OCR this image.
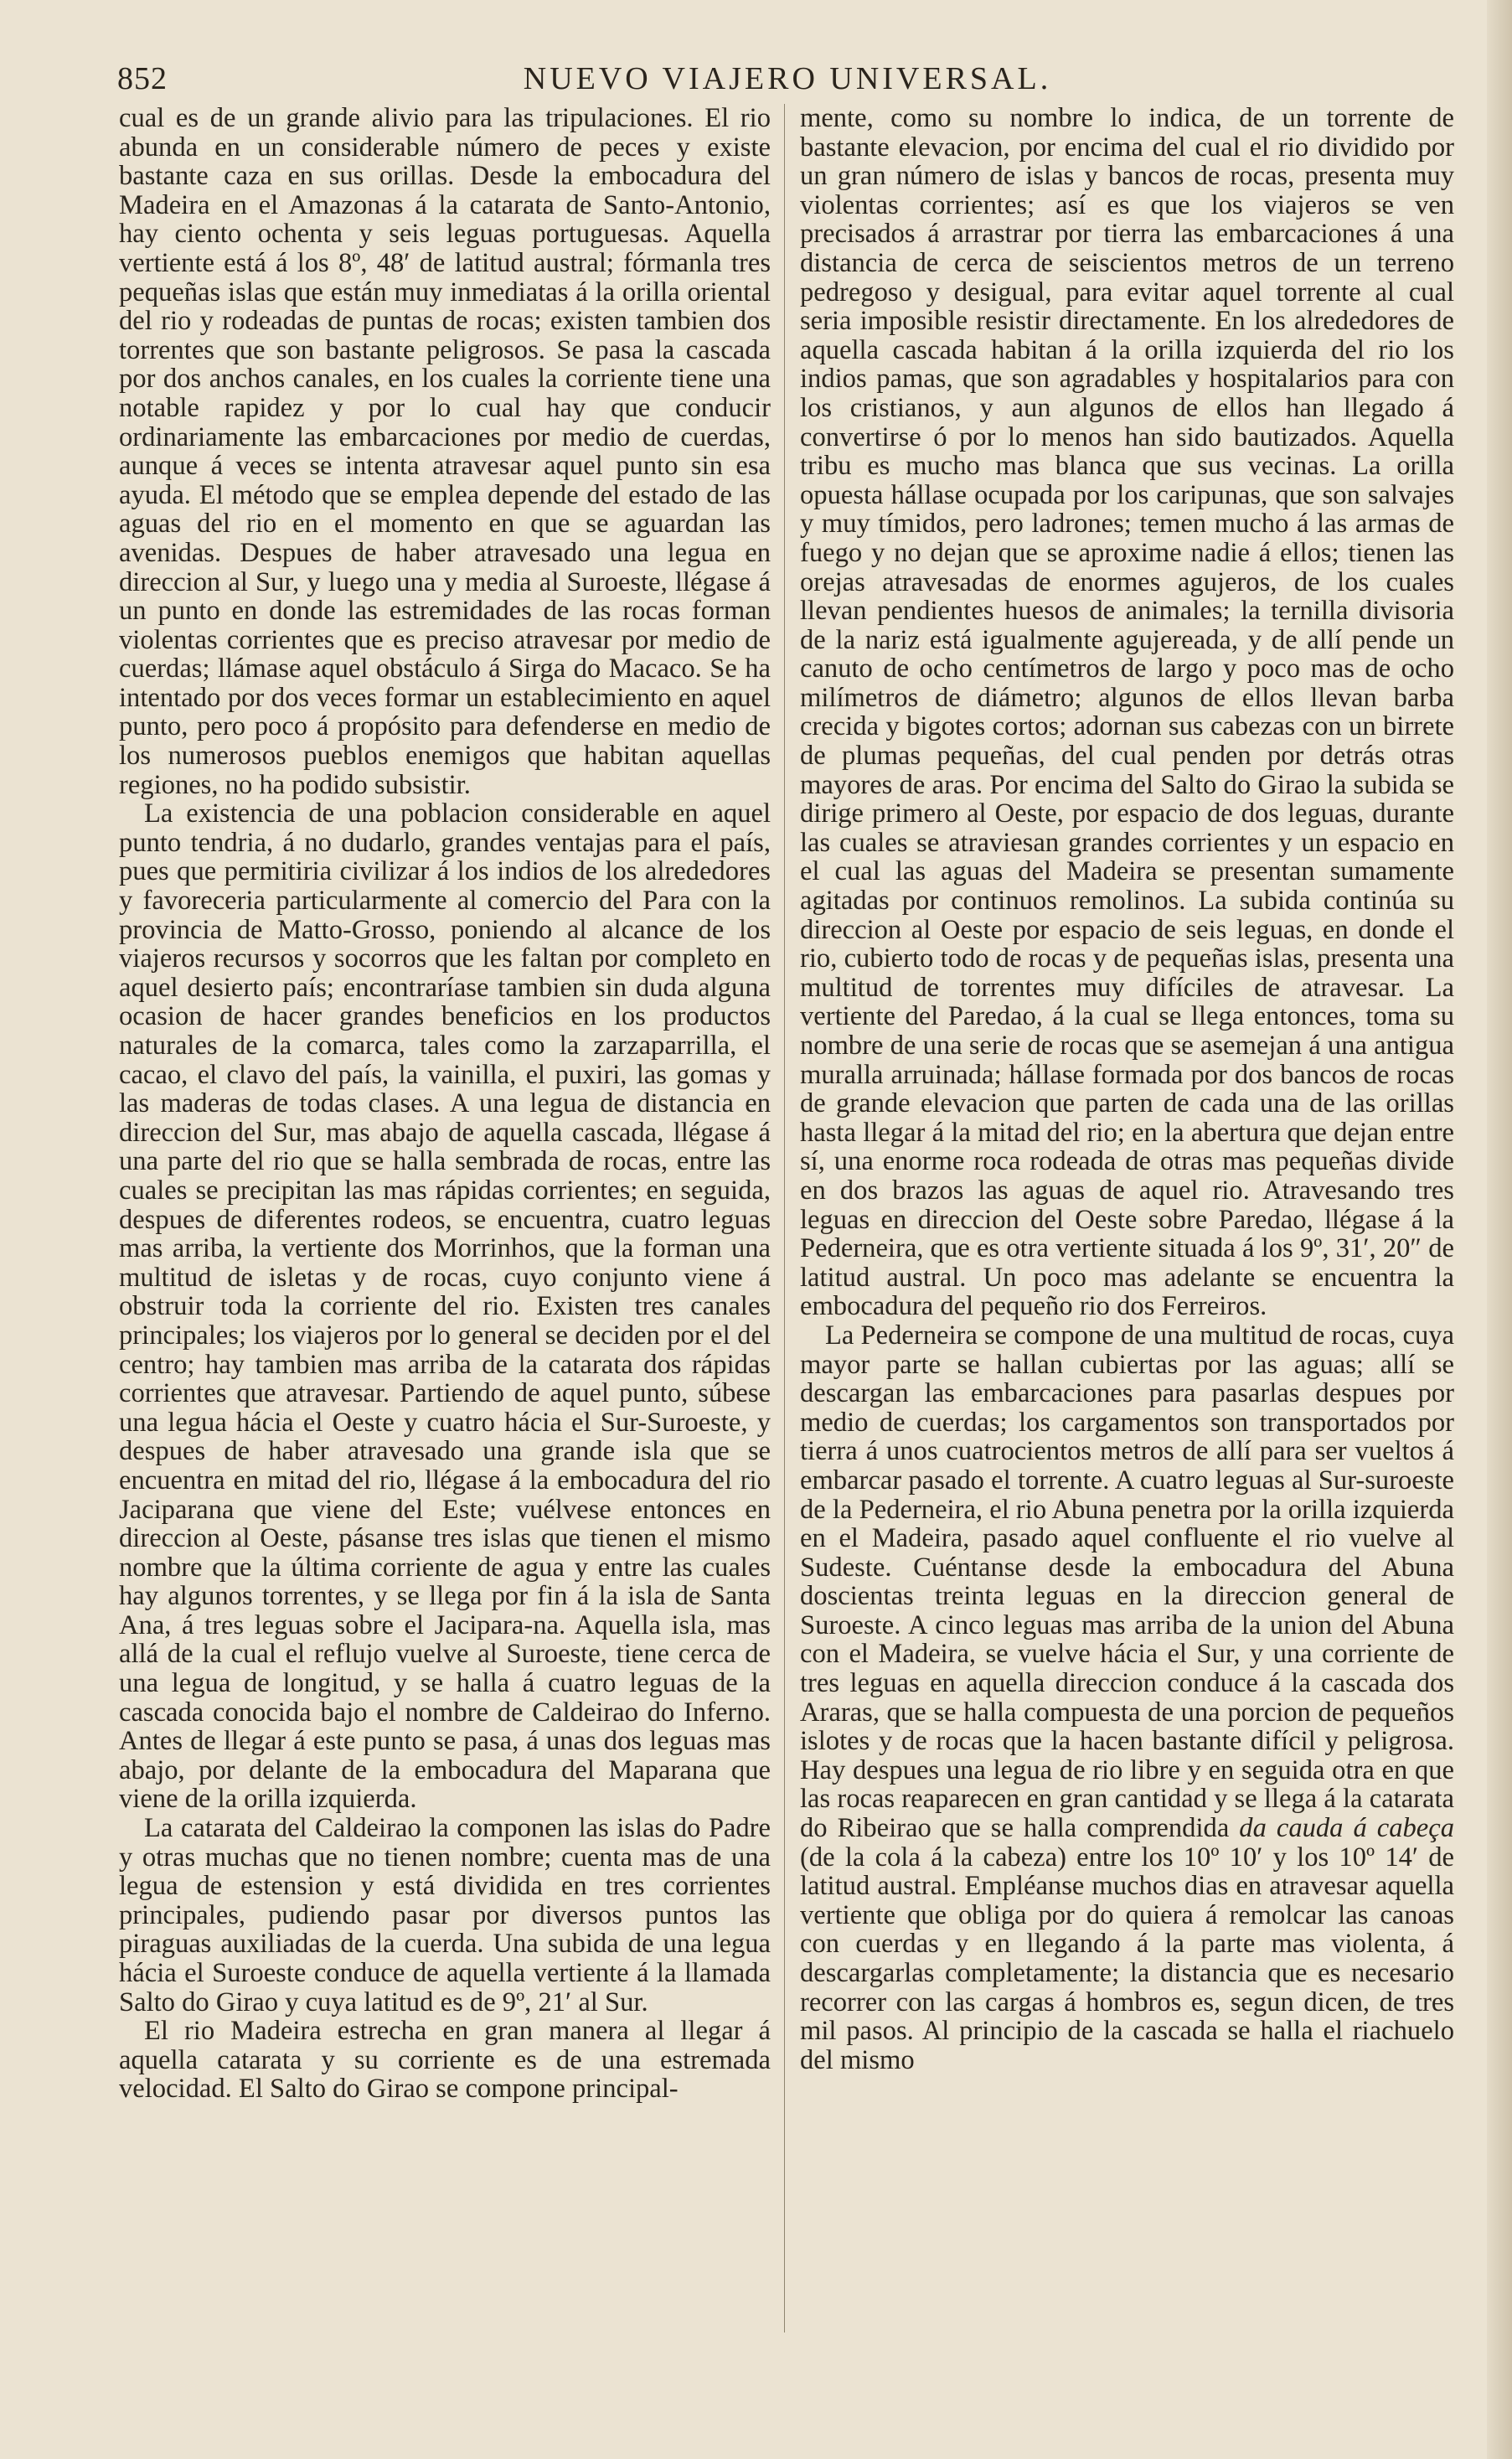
852	NUEVO VIAJERO UNIVERSAL.

cual es de un grande alivio para las tripulaciones. El rio abunda en un considerable número de peces y existe bastante caza en sus orillas. Desde la embocadura del Madeira en el Amazonas á la catarata de Santo-Antonio, hay ciento ochenta y seis leguas portuguesas. Aquella vertiente está á los 8º, 48′ de latitud austral; fórmanla tres pequeñas islas que están muy inmediatas á la orilla oriental del rio y rodeadas de puntas de rocas; existen tambien dos torrentes que son bastante peligrosos. Se pasa la cascada por dos anchos canales, en los cuales la corriente tiene una notable rapidez y por lo cual hay que conducir ordinariamente las embarcaciones por medio de cuerdas, aunque á veces se intenta atravesar aquel punto sin esa ayuda. El método que se emplea depende del estado de las aguas del rio en el momento en que se aguardan las avenidas. Despues de haber atravesado una legua en direccion al Sur, y luego una y media al Suroeste, llégase á un punto en donde las estremidades de las rocas forman violentas corrientes que es preciso atravesar por medio de cuerdas; llámase aquel obstáculo á Sirga do Macaco. Se ha intentado por dos veces formar un establecimiento en aquel punto, pero poco á propósito para defenderse en medio de los numerosos pueblos enemigos que habitan aquellas regiones, no ha podido subsistir.

La existencia de una poblacion considerable en aquel punto tendria, á no dudarlo, grandes ventajas para el país, pues que permitiria civilizar á los indios de los alrededores y favoreceria particularmente al comercio del Para con la provincia de Matto-Grosso, poniendo al alcance de los viajeros recursos y socorros que les faltan por completo en aquel desierto país; encontraríase tambien sin duda alguna ocasion de hacer grandes beneficios en los productos naturales de la comarca, tales como la zarzaparrilla, el cacao, el clavo del país, la vainilla, el puxiri, las gomas y las maderas de todas clases. A una legua de distancia en direccion del Sur, mas abajo de aquella cascada, llégase á una parte del rio que se halla sembrada de rocas, entre las cuales se precipitan las mas rápidas corrientes; en seguida, despues de diferentes rodeos, se encuentra, cuatro leguas mas arriba, la vertiente dos Morrinhos, que la forman una multitud de isletas y de rocas, cuyo conjunto viene á obstruir toda la corriente del rio. Existen tres canales principales; los viajeros por lo general se deciden por el del centro; hay tambien mas arriba de la catarata dos rápidas corrientes que atravesar. Partiendo de aquel punto, súbese una legua hácia el Oeste y cuatro hácia el Sur-Suroeste, y despues de haber atravesado una grande isla que se encuentra en mitad del rio, llégase á la embocadura del rio Jaciparana que viene del Este; vuélvese entonces en direccion al Oeste, pásanse tres islas que tienen el mismo nombre que la última corriente de agua y entre las cuales hay algunos torrentes, y se llega por fin á la isla de Santa Ana, á tres leguas sobre el Jacipara-na. Aquella isla, mas allá de la cual el reflujo vuelve al Suroeste, tiene cerca de una legua de longitud, y se halla á cuatro leguas de la cascada conocida bajo el nombre de Caldeirao do Inferno. Antes de llegar á este punto se pasa, á unas dos leguas mas abajo, por delante de la embocadura del Maparana que viene de la orilla izquierda.

La catarata del Caldeirao la componen las islas do Padre y otras muchas que no tienen nombre; cuenta mas de una legua de estension y está dividida en tres corrientes principales, pudiendo pasar por diversos puntos las piraguas auxiliadas de la cuerda. Una subida de una legua hácia el Suroeste conduce de aquella vertiente á la llamada Salto do Girao y cuya latitud es de 9º, 21′ al Sur.

El rio Madeira estrecha en gran manera al llegar á aquella catarata y su corriente es de una estremada velocidad. El Salto do Girao se compone principal-

mente, como su nombre lo indica, de un torrente de bastante elevacion, por encima del cual el rio dividido por un gran número de islas y bancos de rocas, presenta muy violentas corrientes; así es que los viajeros se ven precisados á arrastrar por tierra las embarcaciones á una distancia de cerca de seiscientos metros de un terreno pedregoso y desigual, para evitar aquel torrente al cual seria imposible resistir directamente. En los alrededores de aquella cascada habitan á la orilla izquierda del rio los indios pamas, que son agradables y hospitalarios para con los cristianos, y aun algunos de ellos han llegado á convertirse ó por lo menos han sido bautizados. Aquella tribu es mucho mas blanca que sus vecinas. La orilla opuesta hállase ocupada por los caripunas, que son salvajes y muy tímidos, pero ladrones; temen mucho á las armas de fuego y no dejan que se aproxime nadie á ellos; tienen las orejas atravesadas de enormes agujeros, de los cuales llevan pendientes huesos de animales; la ternilla divisoria de la nariz está igualmente agujereada, y de allí pende un canuto de ocho centímetros de largo y poco mas de ocho milímetros de diámetro; algunos de ellos llevan barba crecida y bigotes cortos; adornan sus cabezas con un birrete de plumas pequeñas, del cual penden por detrás otras mayores de aras. Por encima del Salto do Girao la subida se dirige primero al Oeste, por espacio de dos leguas, durante las cuales se atraviesan grandes corrientes y un espacio en el cual las aguas del Madeira se presentan sumamente agitadas por continuos remolinos. La subida continúa su direccion al Oeste por espacio de seis leguas, en donde el rio, cubierto todo de rocas y de pequeñas islas, presenta una multitud de torrentes muy difíciles de atravesar. La vertiente del Paredao, á la cual se llega entonces, toma su nombre de una serie de rocas que se asemejan á una antigua muralla arruinada; hállase formada por dos bancos de rocas de grande elevacion que parten de cada una de las orillas hasta llegar á la mitad del rio; en la abertura que dejan entre sí, una enorme roca rodeada de otras mas pequeñas divide en dos brazos las aguas de aquel rio. Atravesando tres leguas en direccion del Oeste sobre Paredao, llégase á la Pederneira, que es otra vertiente situada á los 9º, 31′, 20″ de latitud austral. Un poco mas adelante se encuentra la embocadura del pequeño rio dos Ferreiros.

La Pederneira se compone de una multitud de rocas, cuya mayor parte se hallan cubiertas por las aguas; allí se descargan las embarcaciones para pasarlas despues por medio de cuerdas; los cargamentos son transportados por tierra á unos cuatrocientos metros de allí para ser vueltos á embarcar pasado el torrente. A cuatro leguas al Sur-suroeste de la Pederneira, el rio Abuna penetra por la orilla izquierda en el Madeira, pasado aquel confluente el rio vuelve al Sudeste. Cuéntanse desde la embocadura del Abuna doscientas treinta leguas en la direccion general de Suroeste. A cinco leguas mas arriba de la union del Abuna con el Madeira, se vuelve hácia el Sur, y una corriente de tres leguas en aquella direccion conduce á la cascada dos Araras, que se halla compuesta de una porcion de pequeños islotes y de rocas que la hacen bastante difícil y peligrosa. Hay despues una legua de rio libre y en seguida otra en que las rocas reaparecen en gran cantidad y se llega á la catarata do Ribeirao que se halla comprendida da cauda á cabeça (de la cola á la cabeza) entre los 10º 10′ y los 10º 14′ de latitud austral. Empléanse muchos dias en atravesar aquella vertiente que obliga por do quiera á remolcar las canoas con cuerdas y en llegando á la parte mas violenta, á descargarlas completamente; la distancia que es necesario recorrer con las cargas á hombros es, segun dicen, de tres mil pasos. Al principio de la cascada se halla el riachuelo del mismo
